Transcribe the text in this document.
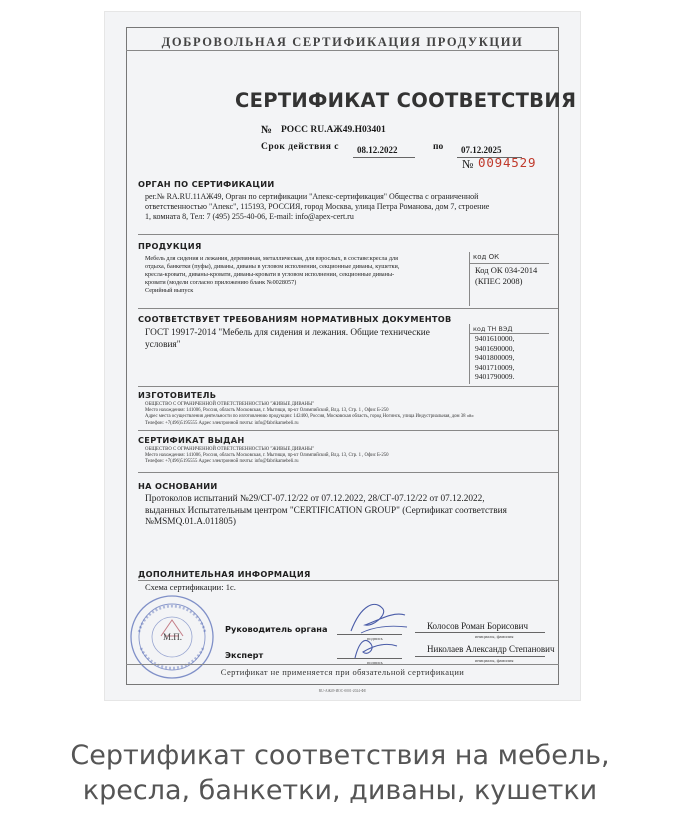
ДОБРОВОЛЬНАЯ СЕРТИФИКАЦИЯ ПРОДУКЦИИ
СЕРТИФИКАТ СООТВЕТСТВИЯ
№ РОСС RU.АЖ49.Н03401
Срок действия с 08.12.2022	по 07.12.2025
№ 0094529
ОРГАН ПО СЕРТИФИКАЦИИ
рег.№ RA.RU.11АЖ49, Орган по сертификации "Апекс-сертификация" Общества с ограниченной
ответственностью "Апекс", 115193, РОССИЯ, город Москва, улица Петра Романова, дом 7, строение
1, комната 8, Тел: 7 (495) 255-40-06, E-mail: info@apex-cert.ru
ПРОДУКЦИЯ
Мебель для сидения и лежания, деревянная, металлическая, для взрослых, в составе:кресла для
отдыха, банкетки (пуфы), диваны, диваны в угловом исполнении, секционные диваны, кушетки,
кресла-кровати, диваны-кровати, диваны-кровати в угловом исполнении, секционные диваны-
кровати (модели согласно приложению бланк №0028057)
Серийный выпуск
код ОК
Код ОК 034-2014
(КПЕС 2008)
СООТВЕТСТВУЕТ ТРЕБОВАНИЯМ НОРМАТИВНЫХ ДОКУМЕНТОВ
ГОСТ 19917-2014 "Мебель для сидения и лежания. Общие технические
условия"
код ТН ВЭД
9401610000,
9401690000,
9401800009,
9401710009,
9401790009.
ИЗГОТОВИТЕЛЬ
ОБЩЕСТВО С ОГРАНИЧЕННОЙ ОТВЕТСТВЕННОСТЬЮ "ЖИВЫЕ ДИВАНЫ"
Место нахождения: 141006, Россия, область Московская, г. Мытищи, пр-кт Олимпийский, Влд. 13, Стр. 1 , Офис Б-250
Адрес места осуществления деятельности по изготовлению продукции: 142400, Россия, Московская область, город Ногинск, улица Индустриальная, дом 38 «в»
Телефон: +7(496)5195555 Адрес электронной почты: info@fabrikamebeli.ru
СЕРТИФИКАТ ВЫДАН
ОБЩЕСТВО С ОГРАНИЧЕННОЙ ОТВЕТСТВЕННОСТЬЮ "ЖИВЫЕ ДИВАНЫ"
Место нахождения: 141006, Россия, область Московская, г. Мытищи, пр-кт Олимпийский, Влд. 13, Стр. 1 , Офис Б-250
Телефон: +7(496)5195555 Адрес электронной почты: info@fabrikamebeli.ru
НА ОСНОВАНИИ
Протоколов испытаний №29/СГ-07.12/22 от 07.12.2022, 28/СГ-07.12/22 от 07.12.2022,
выданных Испытательным центром "CERTIFICATION GROUP" (Сертификат соответствия
№MSMQ.01.A.011805)
ДОПОЛНИТЕЛЬНАЯ ИНФОРМАЦИЯ
Схема сертификации: 1с.
М.П.
Руководитель органа
подпись
Колосов Роман Борисович
инициалы, фамилия
Эксперт
подпись
Николаев Александр Степанович
инициалы, фамилия
Сертификат не применяется при обязательной сертификации
RU-АЖ49-ИОС-0001-2024-ФЕ
Сертификат соответствия на мебель,
кресла, банкетки, диваны, кушетки
